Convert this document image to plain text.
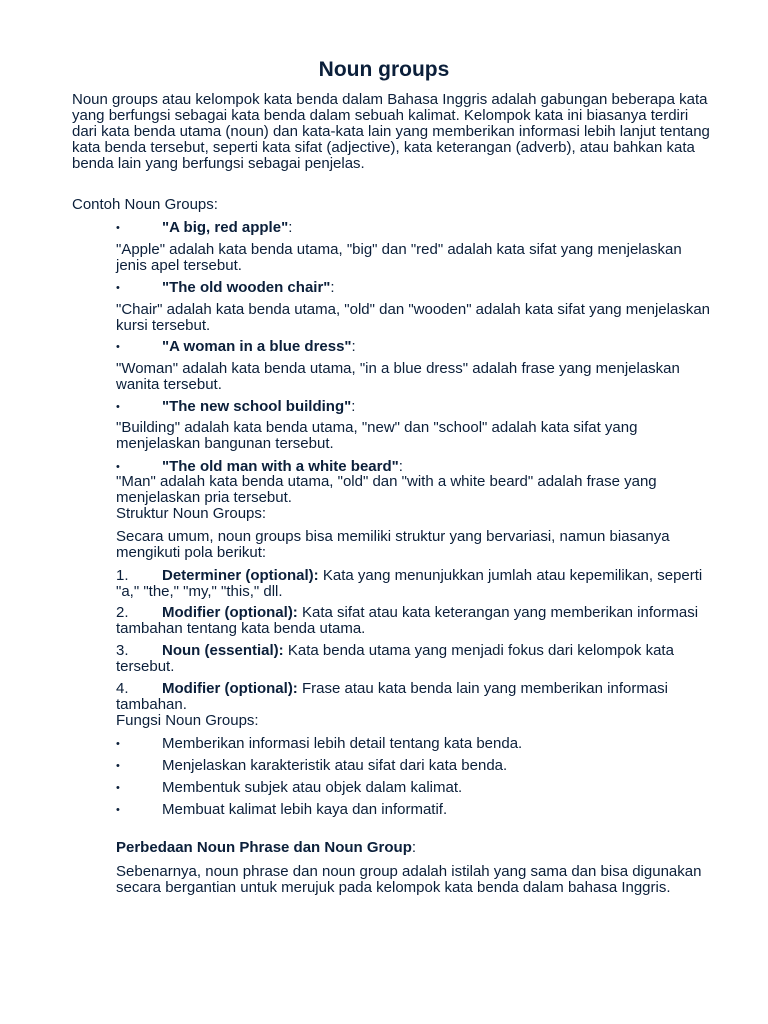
Noun groups
Noun groups atau kelompok kata benda dalam Bahasa Inggris adalah gabungan beberapa kata yang berfungsi sebagai kata benda dalam sebuah kalimat. Kelompok kata ini biasanya terdiri dari kata benda utama (noun) dan kata-kata lain yang memberikan informasi lebih lanjut tentang kata benda tersebut, seperti kata sifat (adjective), kata keterangan (adverb), atau bahkan kata benda lain yang berfungsi sebagai penjelas.
Contoh Noun Groups:
•	"A big, red apple":
"Apple" adalah kata benda utama, "big" dan "red" adalah kata sifat yang menjelaskan jenis apel tersebut.
•	"The old wooden chair":
"Chair" adalah kata benda utama, "old" dan "wooden" adalah kata sifat yang menjelaskan kursi tersebut.
•	"A woman in a blue dress":
"Woman" adalah kata benda utama, "in a blue dress" adalah frase yang menjelaskan wanita tersebut.
•	"The new school building":
"Building" adalah kata benda utama, "new" dan "school" adalah kata sifat yang menjelaskan bangunan tersebut.
•	"The old man with a white beard":
"Man" adalah kata benda utama, "old" dan "with a white beard" adalah frase yang menjelaskan pria tersebut.
Struktur Noun Groups:
Secara umum, noun groups bisa memiliki struktur yang bervariasi, namun biasanya mengikuti pola berikut:
1. Determiner (optional): Kata yang menunjukkan jumlah atau kepemilikan, seperti "a," "the," "my," "this," dll.
2. Modifier (optional): Kata sifat atau kata keterangan yang memberikan informasi tambahan tentang kata benda utama.
3. Noun (essential): Kata benda utama yang menjadi fokus dari kelompok kata tersebut.
4. Modifier (optional): Frase atau kata benda lain yang memberikan informasi tambahan.
Fungsi Noun Groups:
•	Memberikan informasi lebih detail tentang kata benda.
•	Menjelaskan karakteristik atau sifat dari kata benda.
•	Membentuk subjek atau objek dalam kalimat.
•	Membuat kalimat lebih kaya dan informatif.
Perbedaan Noun Phrase dan Noun Group:
Sebenarnya, noun phrase dan noun group adalah istilah yang sama dan bisa digunakan secara bergantian untuk merujuk pada kelompok kata benda dalam bahasa Inggris.
